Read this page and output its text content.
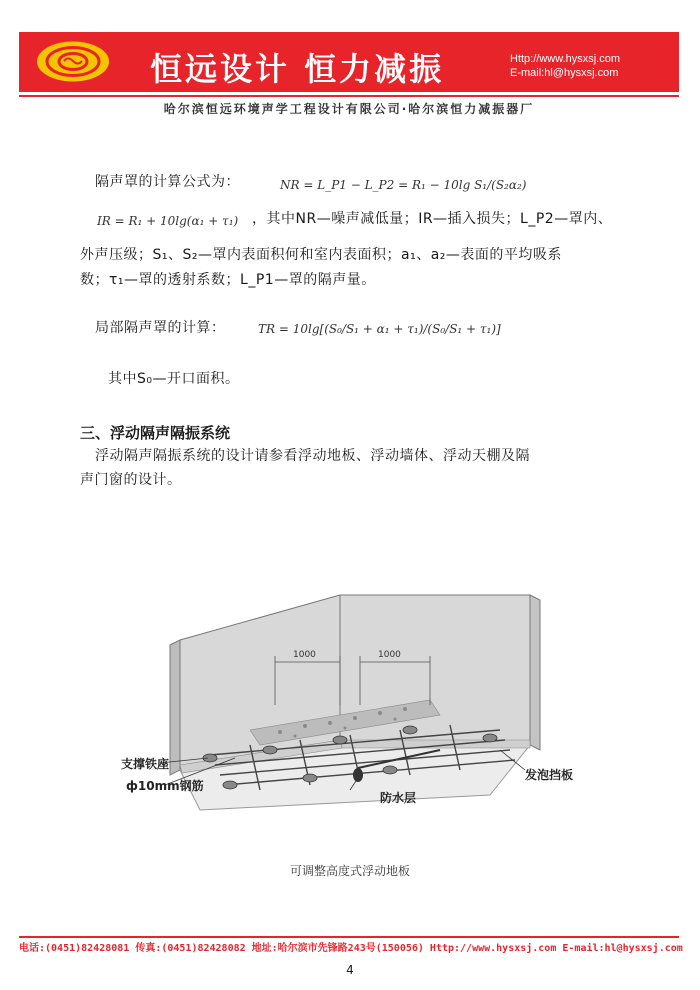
恒远设计 恒力减振	Http://www.hysxsj.com
E-mail:hl@hysxsj.com
哈尔滨恒远环境声学工程设计有限公司·哈尔滨恒力减振器厂
隔声罩的计算公式为：	NR = L_P1 − L_P2 = R₁ − 10lg S₁/(S₂α₂)
IR = R₁ + 10lg(α₁ + τ₁) ，其中NR—噪声减低量；IR—插入损失；L_P2—罩内、
外声压级；S₁、S₂—罩内表面积何和室内表面积；a₁、a₂—表面的平均吸系
数；τ₁—罩的透射系数；L_P1—罩的隔声量。
局部隔声罩的计算：	TR = 10lg[(S₀/S₁ + α₁ + τ₁)/(S₀/S₁ + τ₁)]
其中S₀—开口面积。
三、浮动隔声隔振系统
浮动隔声隔振系统的设计请参看浮动地板、浮动墙体、浮动天棚及隔
声门窗的设计。
1000	1000
支撑铁座
ф10mm钢筋
防水层
发泡挡板
可调整高度式浮动地板
电话:(0451)82428081 传真:(0451)82428082 地址:哈尔滨市先锋路243号(150056) Http://www.hysxsj.com E-mail:hl@hysxsj.com
4
